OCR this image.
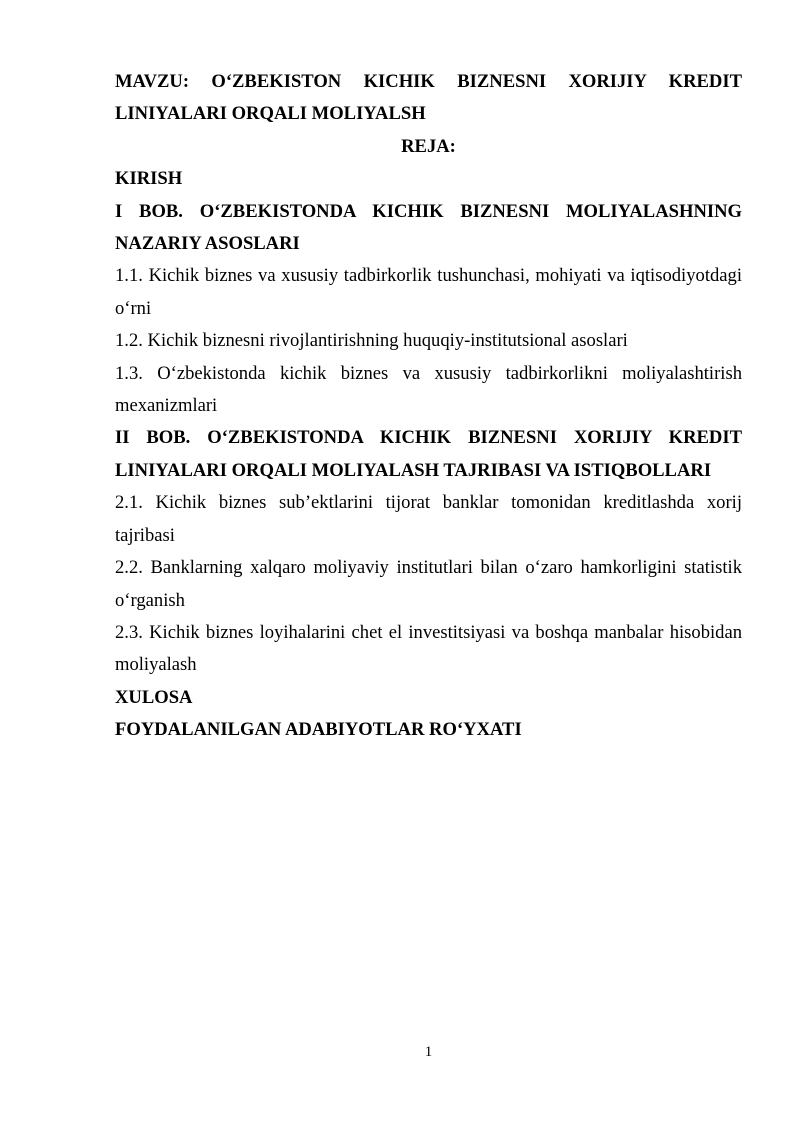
MAVZU: O‘ZBEKISTON KICHIK BIZNESNI XORIJIY KREDIT LINIYALARI ORQALI MOLIYALSH

REJA:

KIRISH

I BOB. O‘ZBEKISTONDA KICHIK BIZNESNI MOLIYALASHNING NAZARIY ASOSLARI

1.1. Kichik biznes va xususiy tadbirkorlik tushunchasi, mohiyati va iqtisodiyotdagi o‘rni

1.2. Kichik biznesni rivojlantirishning huquqiy-institutsional asoslari

1.3. O‘zbekistonda kichik biznes va xususiy tadbirkorlikni moliyalashtirish mexanizmlari

II BOB. O‘ZBEKISTONDA KICHIK BIZNESNI XORIJIY KREDIT LINIYALARI ORQALI MOLIYALASH TAJRIBASI VA ISTIQBOLLARI

2.1. Kichik biznes sub’ektlarini tijorat banklar tomonidan kreditlashda xorij tajribasi

2.2. Banklarning xalqaro moliyaviy institutlari bilan o‘zaro hamkorligini statistik o‘rganish

2.3. Kichik biznes loyihalarini chet el investitsiyasi va boshqa manbalar hisobidan moliyalash

XULOSA

FOYDALANILGAN ADABIYOTLAR RO‘YXATI

1
